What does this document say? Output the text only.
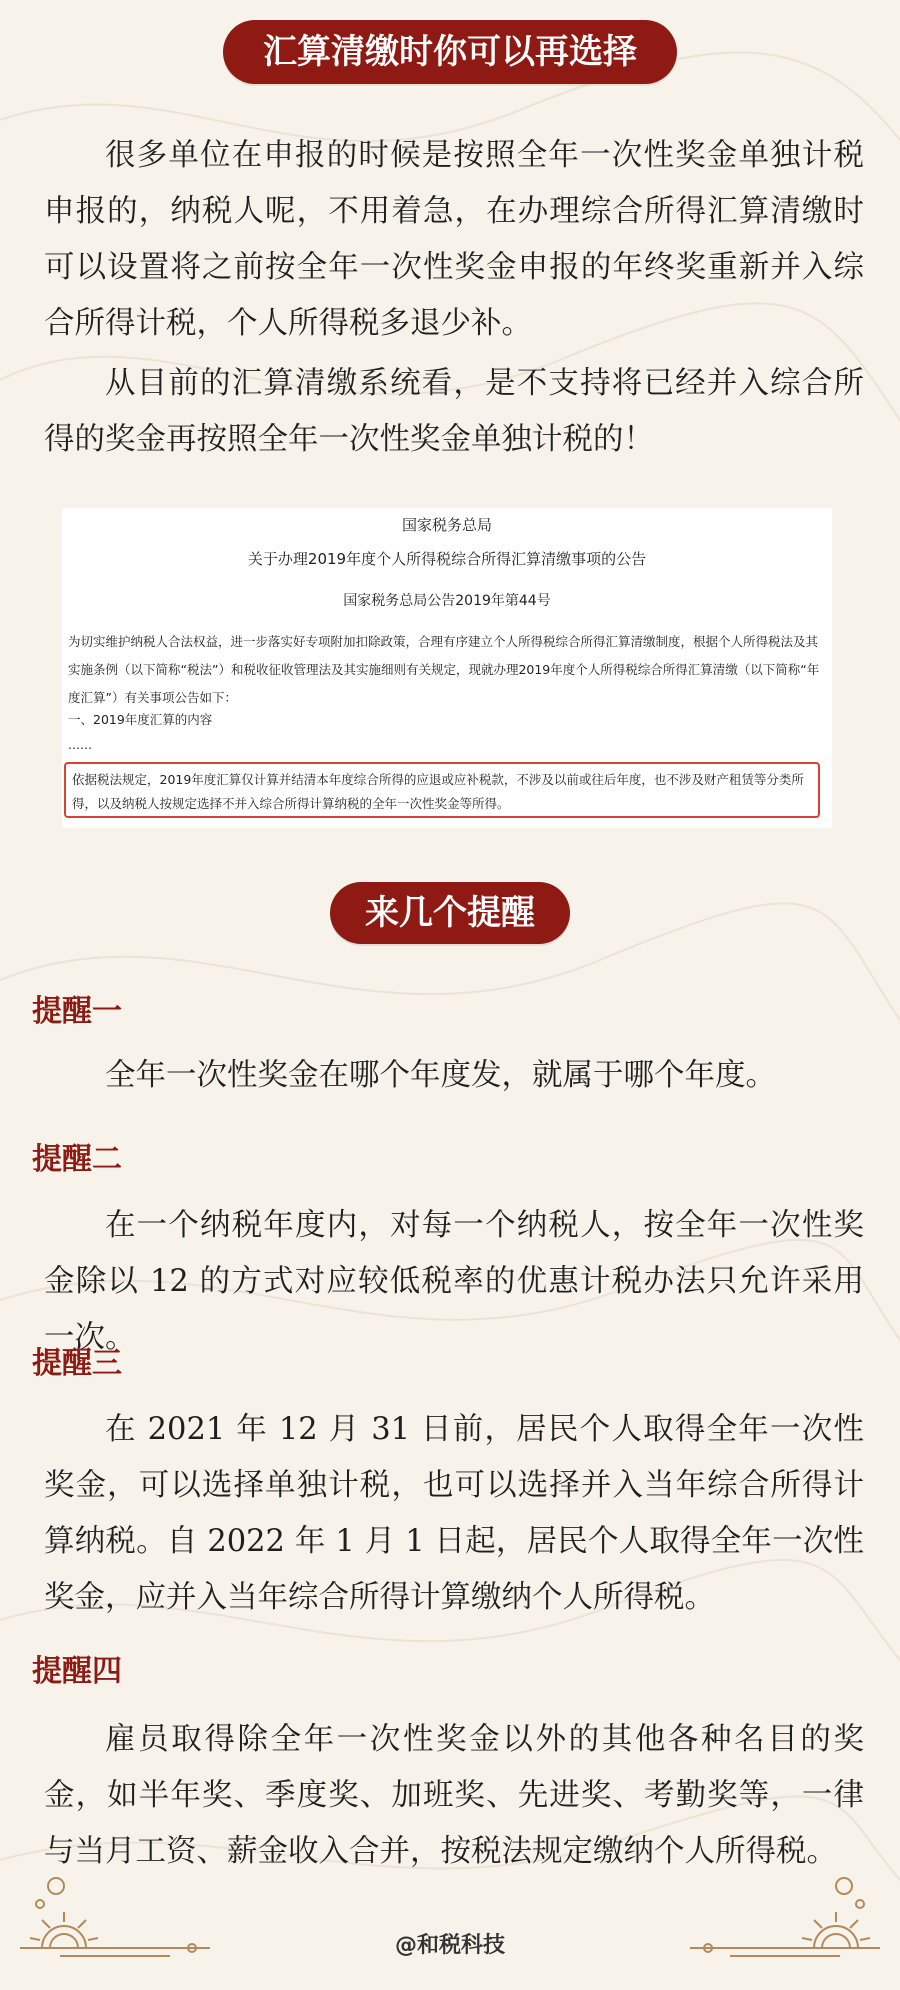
汇算清缴时你可以再选择

很多单位在申报的时候是按照全年一次性奖金单独计税申报的，纳税人呢，不用着急，在办理综合所得汇算清缴时可以设置将之前按全年一次性奖金申报的年终奖重新并入综合所得计税，个人所得税多退少补。

从目前的汇算清缴系统看，是不支持将已经并入综合所得的奖金再按照全年一次性奖金单独计税的！

国家税务总局
关于办理2019年度个人所得税综合所得汇算清缴事项的公告
国家税务总局公告2019年第44号

为切实维护纳税人合法权益，进一步落实好专项附加扣除政策，合理有序建立个人所得税综合所得汇算清缴制度，根据个人所得税法及其实施条例（以下简称“税法”）和税收征收管理法及其实施细则有关规定，现就办理2019年度个人所得税综合所得汇算清缴（以下简称“年度汇算”）有关事项公告如下：

一、2019年度汇算的内容
……
依据税法规定，2019年度汇算仅计算并结清本年度综合所得的应退或应补税款，不涉及以前或往后年度，也不涉及财产租赁等分类所得，以及纳税人按规定选择不并入综合所得计算纳税的全年一次性奖金等所得。
来几个提醒
提醒一

全年一次性奖金在哪个年度发，就属于哪个年度。

提醒二

在一个纳税年度内，对每一个纳税人，按全年一次性奖金除以 12 的方式对应较低税率的优惠计税办法只允许采用一次。

提醒三

在 2021 年 12 月 31 日前，居民个人取得全年一次性奖金，可以选择单独计税，也可以选择并入当年综合所得计算纳税。自 2022 年 1 月 1 日起，居民个人取得全年一次性奖金，应并入当年综合所得计算缴纳个人所得税。

提醒四

雇员取得除全年一次性奖金以外的其他各种名目的奖金，如半年奖、季度奖、加班奖、先进奖、考勤奖等，一律与当月工资、薪金收入合并，按税法规定缴纳个人所得税。

@和税科技
